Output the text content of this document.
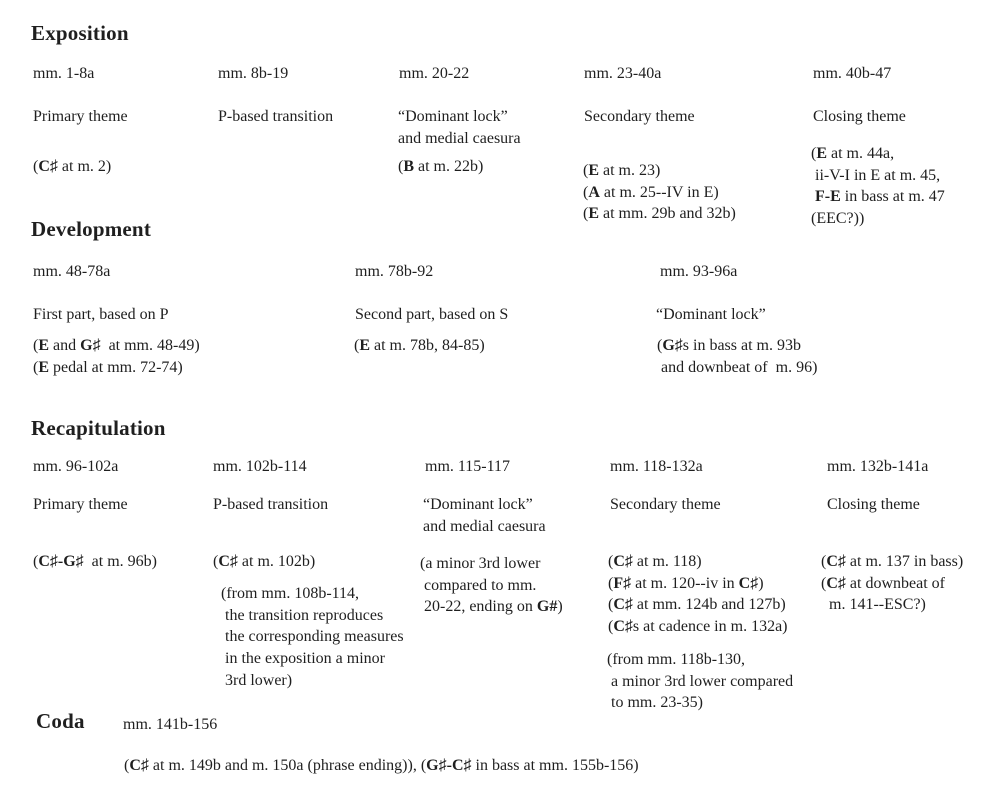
Exposition
mm. 1-8a
Primary theme
(C♯ at m. 2)
mm. 8b-19
P-based transition
mm. 20-22
“Dominant lock”
and medial caesura
(B at m. 22b)
mm. 23-40a
Secondary theme
(E at m. 23)
(A at m. 25--IV in E)
(E at mm. 29b and 32b)
mm. 40b-47
Closing theme
(E at m. 44a,
ii-V-I in E at m. 45,
F-E in bass at m. 47
(EEC?))
Development
mm. 48-78a
First part, based on P
(E and G♯  at mm. 48-49)
(E pedal at mm. 72-74)
mm. 78b-92
Second part, based on S
(E at m. 78b, 84-85)
mm. 93-96a
“Dominant lock”
(G♯s in bass at m. 93b
and downbeat of  m. 96)
Recapitulation
mm. 96-102a
Primary theme
(C♯-G♯  at m. 96b)
mm. 102b-114
P-based transition
(C♯ at m. 102b)
(from mm. 108b-114,
the transition reproduces
the corresponding measures
in the exposition a minor
3rd lower)
mm. 115-117
“Dominant lock”
and medial caesura
(a minor 3rd lower
compared to mm.
20-22, ending on G#)
mm. 118-132a
Secondary theme
(C♯ at m. 118)
(F♯ at m. 120--iv in C♯)
(C♯ at mm. 124b and 127b)
(C♯s at cadence in m. 132a)
(from mm. 118b-130,
a minor 3rd lower compared
to mm. 23-35)
mm. 132b-141a
Closing theme
(C♯ at m. 137 in bass)
(C♯ at downbeat of
m. 141--ESC?)
Coda mm. 141b-156
(C♯ at m. 149b and m. 150a (phrase ending)), (G♯-C♯ in bass at mm. 155b-156)
